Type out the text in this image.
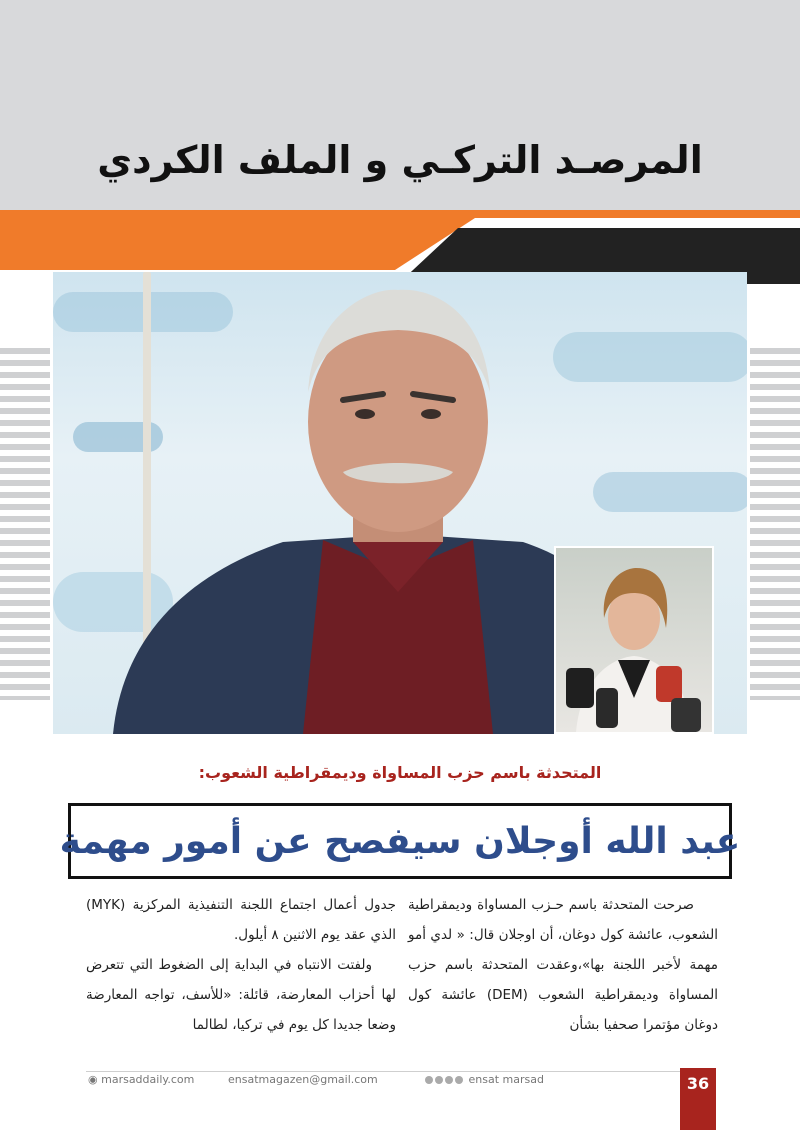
المرصـد التركـي و الملف الكردي
المتحدثة باسم حزب المساواة وديمقراطية الشعوب:
عبد الله أوجلان سيفصح عن أمور مهمة

صرحت المتحدثة باسم حـزب المساواة وديمقراطية الشعوب، عائشة كول دوغان، أن اوجلان قال: « لدي أمو مهمة لأخبر اللجنة بها»،وعقدت المتحدثة باسم حزب المساواة وديمقراطية الشعوب (DEM) عائشة كول دوغان مؤتمرا صحفيا بشأن

جدول أعمال اجتماع اللجنة التنفيذية المركزية (MYK) الذي عقد يوم الاثنين ٨ أيلول.

ولفتت الانتباه في البداية إلى الضغوط التي تتعرض لها أحزاب المعارضة، قائلة: «للأسف، تواجه المعارضة وضعا جديدا كل يوم في تركيا، لطالما

◉ marsaddaily.com	ensatmagazen@gmail.com	ensat marsad	36
